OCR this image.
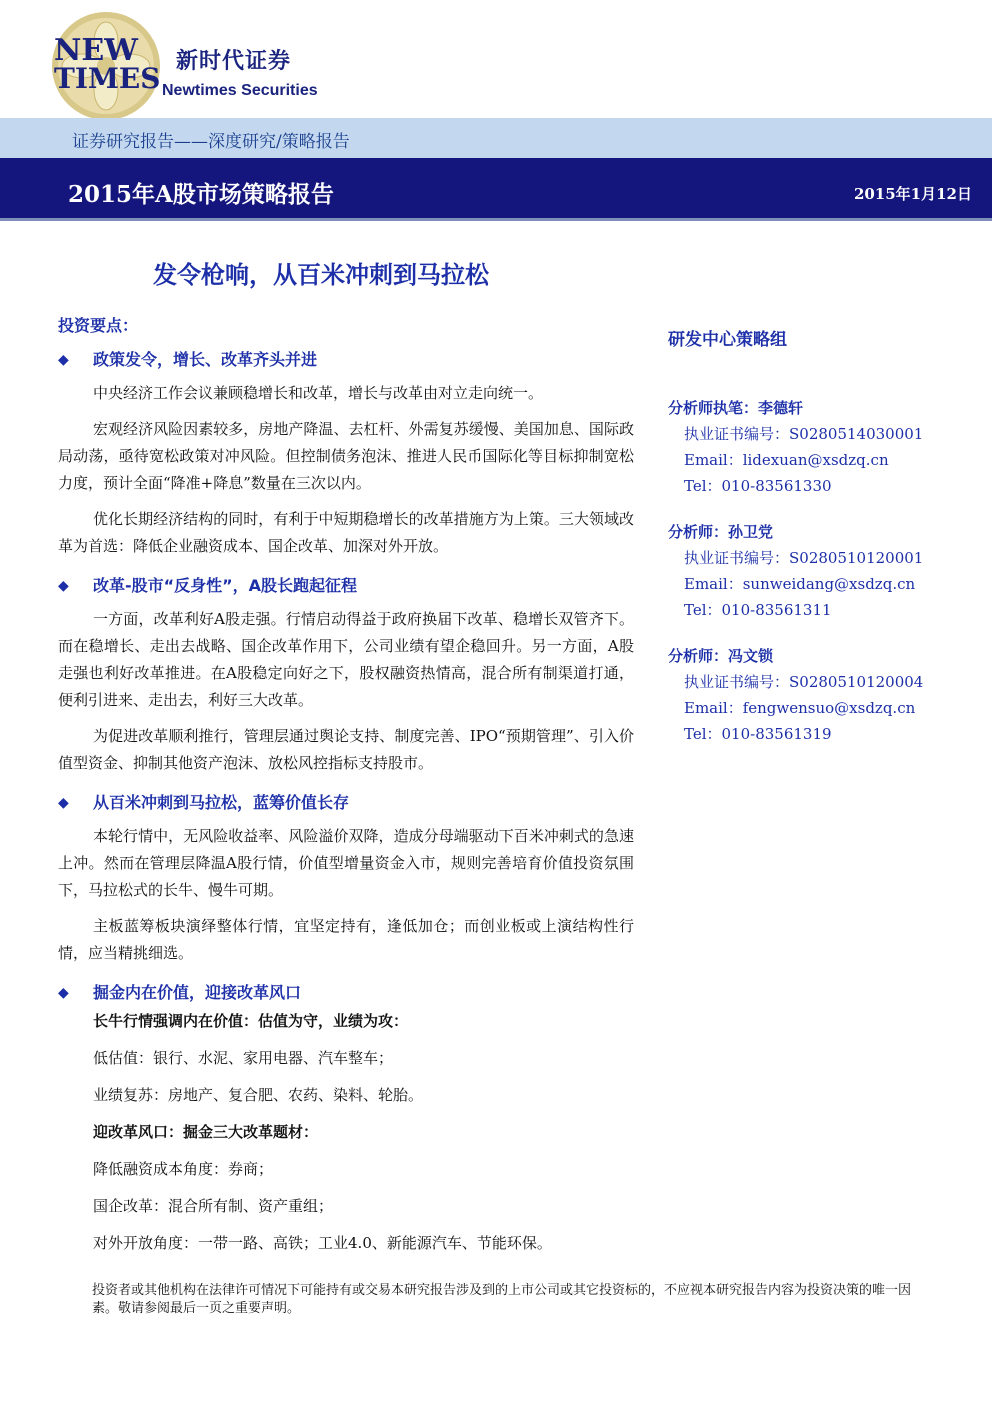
NEW
TIMES
新时代证券
Newtimes Securities
证券研究报告——深度研究/策略报告
2015年A股市场策略报告	2015年1月12日
发令枪响，从百米冲刺到马拉松
投资要点：
◆ 政策发令，增长、改革齐头并进

中央经济工作会议兼顾稳增长和改革，增长与改革由对立走向统一。

宏观经济风险因素较多，房地产降温、去杠杆、外需复苏缓慢、美国加息、国际政局动荡，亟待宽松政策对冲风险。但控制债务泡沫、推进人民币国际化等目标抑制宽松力度，预计全面“降准+降息”数量在三次以内。

优化长期经济结构的同时，有利于中短期稳增长的改革措施方为上策。三大领域改革为首选：降低企业融资成本、国企改革、加深对外开放。

◆ 改革-股市“反身性”，A股长跑起征程

一方面，改革利好A股走强。行情启动得益于政府换届下改革、稳增长双管齐下。而在稳增长、走出去战略、国企改革作用下，公司业绩有望企稳回升。另一方面，A股走强也利好改革推进。在A股稳定向好之下，股权融资热情高，混合所有制渠道打通，便利引进来、走出去，利好三大改革。

为促进改革顺利推行，管理层通过舆论支持、制度完善、IPO“预期管理”、引入价值型资金、抑制其他资产泡沫、放松风控指标支持股市。

◆ 从百米冲刺到马拉松，蓝筹价值长存

本轮行情中，无风险收益率、风险溢价双降，造成分母端驱动下百米冲刺式的急速上冲。然而在管理层降温A股行情，价值型增量资金入市，规则完善培育价值投资氛围下，马拉松式的长牛、慢牛可期。

主板蓝筹板块演绎整体行情，宜坚定持有，逢低加仓；而创业板或上演结构性行情，应当精挑细选。

◆ 掘金内在价值，迎接改革风口
长牛行情强调内在价值：估值为守，业绩为攻：
低估值：银行、水泥、家用电器、汽车整车；
业绩复苏：房地产、复合肥、农药、染料、轮胎。
迎改革风口：掘金三大改革题材：
降低融资成本角度：券商；
国企改革：混合所有制、资产重组；
对外开放角度：一带一路、高铁；工业4.0、新能源汽车、节能环保。
研发中心策略组
分析师执笔：李德轩
执业证书编号：S0280514030001
Email：lidexuan@xsdzq.cn
Tel：010-83561330
分析师：孙卫党
执业证书编号：S0280510120001
Email：sunweidang@xsdzq.cn
Tel：010-83561311
分析师：冯文锁
执业证书编号：S0280510120004
Email：fengwensuo@xsdzq.cn
Tel：010-83561319
投资者或其他机构在法律许可情况下可能持有或交易本研究报告涉及到的上市公司或其它投资标的，不应视本研究报告内容为投资决策的唯一因素。敬请参阅最后一页之重要声明。
